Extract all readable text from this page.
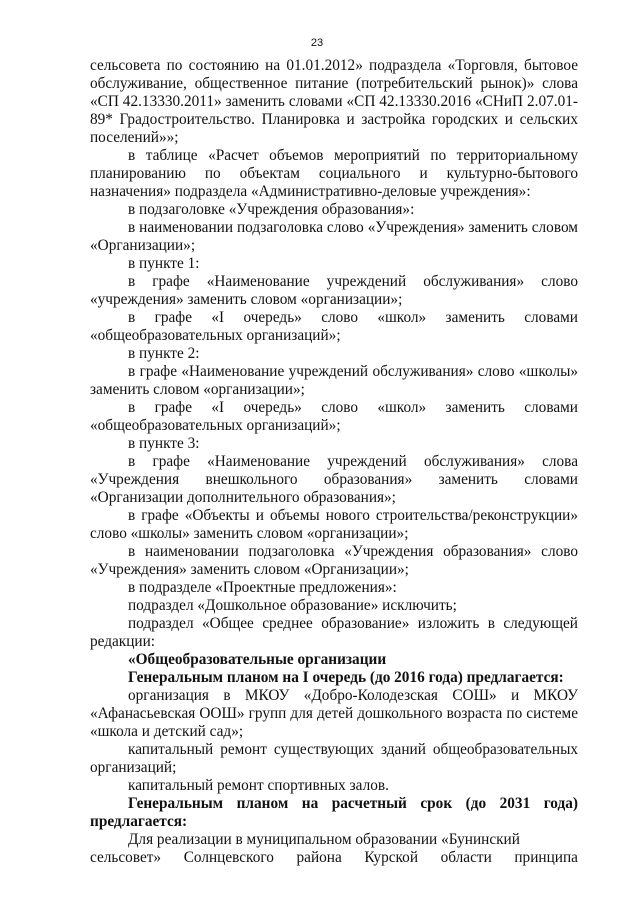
23

сельсовета по состоянию на 01.01.2012» подраздела «Торговля, бытовое обслуживание, общественное питание (потребительский рынок)» слова «СП 42.13330.2011» заменить словами «СП 42.13330.2016 «СНиП 2.07.01-89* Градостроительство. Планировка и застройка городских и сельских поселений»»;

в таблице «Расчет объемов мероприятий по территориальному планированию по объектам социального и культурно-бытового назначения» подраздела «Административно-деловые учреждения»:

в подзаголовке «Учреждения образования»:

в наименовании подзаголовка слово «Учреждения» заменить словом «Организации»;

в пункте 1:

в графе «Наименование учреждений обслуживания» слово «учреждения» заменить словом «организации»;

в графе «I очередь» слово «школ» заменить словами «общеобразовательных организаций»;

в пункте 2:

в графе «Наименование учреждений обслуживания» слово «школы» заменить словом «организации»;

в графе «I очередь» слово «школ» заменить словами «общеобразовательных организаций»;

в пункте 3:

в графе «Наименование учреждений обслуживания» слова «Учреждения внешкольного образования» заменить словами «Организации дополнительного образования»;

в графе «Объекты и объемы нового строительства/реконструкции» слово «школы» заменить словом «организации»;

в наименовании подзаголовка «Учреждения образования» слово «Учреждения» заменить словом «Организации»;

в подразделе «Проектные предложения»:

подраздел «Дошкольное образование» исключить;

подраздел «Общее среднее образование» изложить в следующей редакции:

«Общеобразовательные организации

Генеральным планом на I очередь (до 2016 года) предлагается:

организация в МКОУ «Добро-Колодезская СОШ» и МКОУ «Афанасьевская ООШ» групп для детей дошкольного возраста по системе «школа и детский сад»;

капитальный ремонт существующих зданий общеобразовательных организаций;

капитальный ремонт спортивных залов.

Генеральным планом на расчетный срок (до 2031 года) предлагается:

Для реализации в муниципальном образовании «Бунинский

сельсовет» Солнцевского района Курской области принципа
